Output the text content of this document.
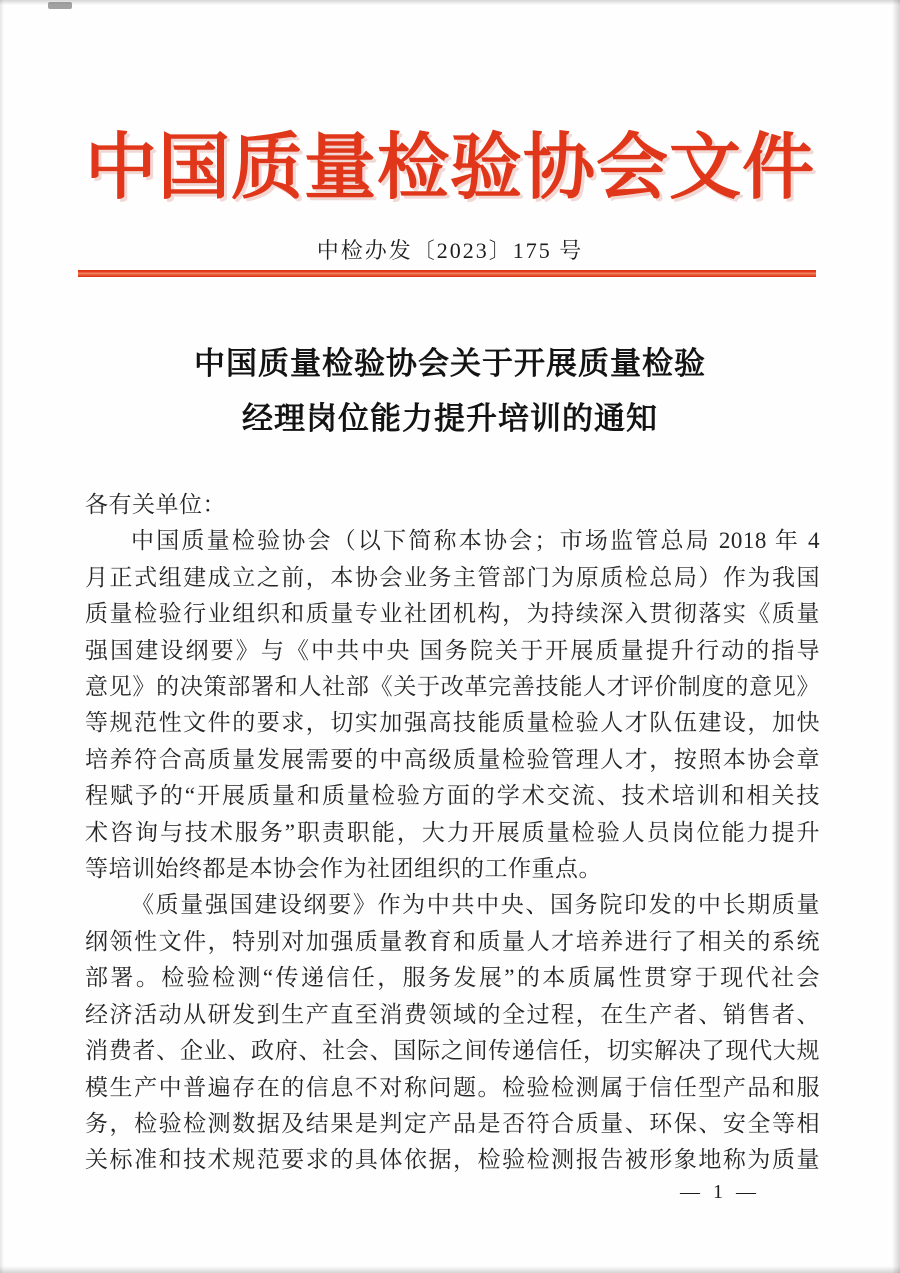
中国质量检验协会文件
中检办发〔2023〕175 号
中国质量检验协会关于开展质量检验
经理岗位能力提升培训的通知
各有关单位：
中国质量检验协会（以下简称本协会；市场监管总局 2018 年 4
月正式组建成立之前，本协会业务主管部门为原质检总局）作为我国
质量检验行业组织和质量专业社团机构，为持续深入贯彻落实《质量
强国建设纲要》与《中共中央 国务院关于开展质量提升行动的指导
意见》的决策部署和人社部《关于改革完善技能人才评价制度的意见》
等规范性文件的要求，切实加强高技能质量检验人才队伍建设，加快
培养符合高质量发展需要的中高级质量检验管理人才，按照本协会章
程赋予的“开展质量和质量检验方面的学术交流、技术培训和相关技
术咨询与技术服务”职责职能，大力开展质量检验人员岗位能力提升
等培训始终都是本协会作为社团组织的工作重点。
《质量强国建设纲要》作为中共中央、国务院印发的中长期质量
纲领性文件，特别对加强质量教育和质量人才培养进行了相关的系统
部署。检验检测“传递信任，服务发展”的本质属性贯穿于现代社会
经济活动从研发到生产直至消费领域的全过程，在生产者、销售者、
消费者、企业、政府、社会、国际之间传递信任，切实解决了现代大规
模生产中普遍存在的信息不对称问题。检验检测属于信任型产品和服
务，检验检测数据及结果是判定产品是否符合质量、环保、安全等相
关标准和技术规范要求的具体依据，检验检测报告被形象地称为质量
— 1 —
